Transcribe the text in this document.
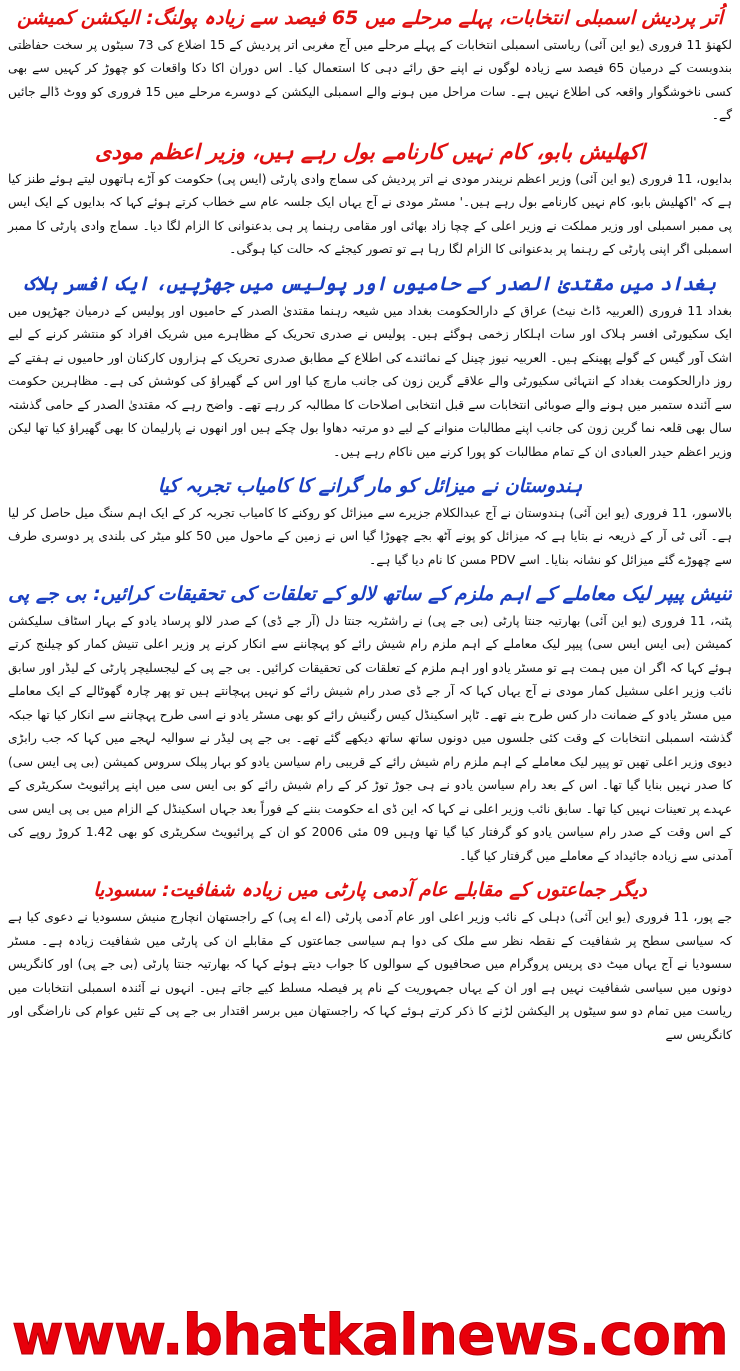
اُتر پردیش اسمبلی انتخابات، پہلے مرحلے میں 65 فیصد سے زیادہ پولنگ: الیکشن کمیشن

لکھنؤ 11 فروری (یو این آئی) ریاستی اسمبلی انتخابات کے پہلے مرحلے میں آج مغربی اتر پردیش کے 15 اضلاع کی 73 سیٹوں پر سخت حفاظتی بندوبست کے درمیان 65 فیصد سے زیادہ لوگوں نے اپنے حق رائے دہی کا استعمال کیا۔ اس دوران اکا دکا واقعات کو چھوڑ کر کہیں سے بھی کسی ناخوشگوار واقعہ کی اطلاع نہیں ہے۔ سات مراحل میں ہونے والے اسمبلی الیکشن کے دوسرے مرحلے میں 15 فروری کو ووٹ ڈالے جائیں گے۔

اکھلیش بابو، کام نہیں کارنامے بول رہے ہیں، وزیر اعظم مودی

بدایوں، 11 فروری (یو این آئی) وزیر اعظم نریندر مودی نے اتر پردیش کی سماج وادی پارٹی (ایس پی) حکومت کو آڑے ہاتھوں لیتے ہوئے طنز کیا ہے کہ 'اکھلیش بابو، کام نہیں کارنامے بول رہے ہیں۔' مسٹر مودی نے آج یہاں ایک جلسہ عام سے خطاب کرتے ہوئے کہا کہ بدایوں کے ایک ایس پی ممبر اسمبلی اور وزیر مملکت نے وزیر اعلی کے چچا زاد بھائی اور مقامی رہنما پر ہی بدعنوانی کا الزام لگا دیا۔ سماج وادی پارٹی کا ممبر اسمبلی اگر اپنی پارٹی کے رہنما پر بدعنوانی کا الزام لگا رہا ہے تو تصور کیجئے کہ حالت کیا ہوگی۔

بغداد میں مقتدیٰ الصدر کے حامیوں اور پولیس میں جھڑپیں، ایک افسر ہلاک

بغداد 11 فروری (العربیہ ڈاٹ نیٹ) عراق کے دارالحکومت بغداد میں شیعہ رہنما مقتدیٰ الصدر کے حامیوں اور پولیس کے درمیان جھڑپوں میں ایک سکیورٹی افسر ہلاک اور سات اہلکار زخمی ہوگئے ہیں۔ پولیس نے صدری تحریک کے مظاہرے میں شریک افراد کو منتشر کرنے کے لیے اشک آور گیس کے گولے پھینکے ہیں۔ العربیہ نیوز چینل کے نمائندے کی اطلاع کے مطابق صدری تحریک کے ہزاروں کارکنان اور حامیوں نے ہفتے کے روز دارالحکومت بغداد کے انتہائی سکیورٹی والے علاقے گرین زون کی جانب مارچ کیا اور اس کے گھیراؤ کی کوشش کی ہے۔ مظاہرین حکومت سے آئندہ ستمبر میں ہونے والے صوبائی انتخابات سے قبل انتخابی اصلاحات کا مطالبہ کر رہے تھے۔ واضح رہے کہ مقتدیٰ الصدر کے حامی گذشتہ سال بھی قلعہ نما گرین زون کی جانب اپنے مطالبات منوانے کے لیے دو مرتبہ دھاوا بول چکے ہیں اور انھوں نے پارلیمان کا بھی گھیراؤ کیا تھا لیکن وزیر اعظم حیدر العبادی ان کے تمام مطالبات کو پورا کرنے میں ناکام رہے ہیں۔

ہندوستان نے میزائل کو مار گرانے کا کامیاب تجربہ کیا

بالاسور، 11 فروری (یو این آئی) ہندوستان نے آج عبدالکلام جزیرے سے میزائل کو روکنے کا کامیاب تجربہ کر کے ایک اہم سنگ میل حاصل کر لیا ہے۔ آئی ٹی آر کے ذریعہ نے بتایا ہے کہ میزائل کو پونے آٹھ بجے چھوڑا گیا اس نے زمین کے ماحول میں 50 کلو میٹر کی بلندی پر دوسری طرف سے چھوڑے گئے میزائل کو نشانہ بنایا۔ اسے PDV مسن کا نام دیا گیا ہے۔

تنیش پیپر لیک معاملے کے اہم ملزم کے ساتھ لالو کے تعلقات کی تحقیقات کرائیں: بی جے پی

پٹنہ، 11 فروری (یو این آئی) بھارتیہ جنتا پارٹی (بی جے پی) نے راشٹریہ جنتا دل (آر جے ڈی) کے صدر لالو پرساد یادو کے بہار اسٹاف سلیکشن کمیشن (بی ایس ایس سی) پیپر لیک معاملے کے اہم ملزم رام شیش رائے کو پہچاننے سے انکار کرنے پر وزیر اعلی تنیش کمار کو چیلنج کرتے ہوئے کہا کہ اگر ان میں ہمت ہے تو مسٹر یادو اور اہم ملزم کے تعلقات کی تحقیقات کرائیں۔ بی جے پی کے لیجسلیچر پارٹی کے لیڈر اور سابق نائب وزیر اعلی سشیل کمار مودی نے آج یہاں کہا کہ آر جے ڈی صدر رام شیش رائے کو نہیں پہچانتے ہیں تو پھر چارہ گھوٹالے کے ایک معاملے میں مسٹر یادو کے ضمانت دار کس طرح بنے تھے۔ ٹاپر اسکینڈل کیس رگنیش رائے کو بھی مسٹر یادو نے اسی طرح پہچاننے سے انکار کیا تھا جبکہ گذشتہ اسمبلی انتخابات کے وقت کئی جلسوں میں دونوں ساتھ ساتھ دیکھے گئے تھے۔ بی جے پی لیڈر نے سوالیہ لہجے میں کہا کہ جب رابڑی دیوی وزیر اعلی تھیں تو پیپر لیک معاملے کے اہم ملزم رام شیش رائے کے قریبی رام سیاسن یادو کو بہار پبلک سروس کمیشن (بی پی ایس سی) کا صدر نہیں بنایا گیا تھا۔ اس کے بعد رام سیاسن یادو نے ہی جوڑ توڑ کر کے رام شیش رائے کو بی ایس سی میں اپنے پرائیویٹ سکریٹری کے عہدے پر تعینات نہیں کیا تھا۔ سابق نائب وزیر اعلی نے کہا کہ این ڈی اے حکومت بننے کے فوراً بعد جہاں اسکینڈل کے الزام میں بی پی ایس سی کے اس وقت کے صدر رام سیاسن یادو کو گرفتار کیا گیا تھا وہیں 09 مئی 2006 کو ان کے پرائیویٹ سکریٹری کو بھی 1.42 کروڑ روپے کی آمدنی سے زیادہ جائیداد کے معاملے میں گرفتار کیا گیا۔

دیگر جماعتوں کے مقابلے عام آدمی پارٹی میں زیادہ شفافیت: سسودیا

جے پور، 11 فروری (یو این آئی) دہلی کے نائب وزیر اعلی اور عام آدمی پارٹی (اے اے پی) کے راجستھان انچارج منیش سسودیا نے دعوی کیا ہے کہ سیاسی سطح پر شفافیت کے نقطہ نظر سے ملک کی دوا ہم سیاسی جماعتوں کے مقابلے ان کی پارٹی میں شفافیت زیادہ ہے۔ مسٹر سسودیا نے آج یہاں میٹ دی پریس پروگرام میں صحافیوں کے سوالوں کا جواب دیتے ہوئے کہا کہ بھارتیہ جنتا پارٹی (بی جے پی) اور کانگریس دونوں میں سیاسی شفافیت نہیں ہے اور ان کے یہاں جمہوریت کے نام پر فیصلہ مسلط کیے جاتے ہیں۔ انہوں نے آئندہ اسمبلی انتخابات میں ریاست میں تمام دو سو سیٹوں پر الیکشن لڑنے کا ذکر کرتے ہوئے کہا کہ راجستھان میں برسر اقتدار بی جے پی کے تئیں عوام کی ناراضگی اور کانگریس سے

www.bhatkalnews.com
